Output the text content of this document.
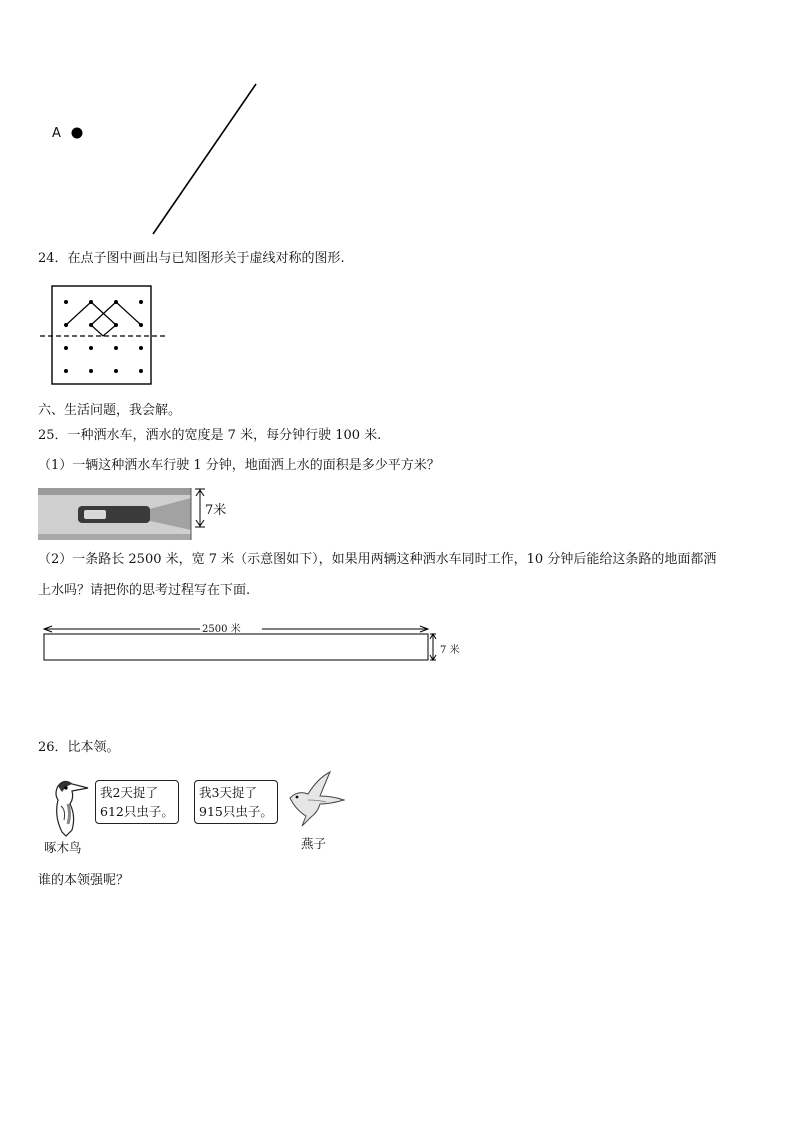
A
24．在点子图中画出与已知图形关于虚线对称的图形.
六、生活问题，我会解。
25．一种洒水车，洒水的宽度是 7 米，每分钟行驶 100 米.
（1）一辆这种洒水车行驶 1 分钟，地面洒上水的面积是多少平方米？
7米
（2）一条路长 2500 米，宽 7 米（示意图如下），如果用两辆这种洒水车同时工作，10 分钟后能给这条路的地面都洒
上水吗？请把你的思考过程写在下面.
2500 米
7 米
26．比本领。
我2天捉了
612只虫子。
啄木鸟
我3天捉了
915只虫子。
燕子
谁的本领强呢？
